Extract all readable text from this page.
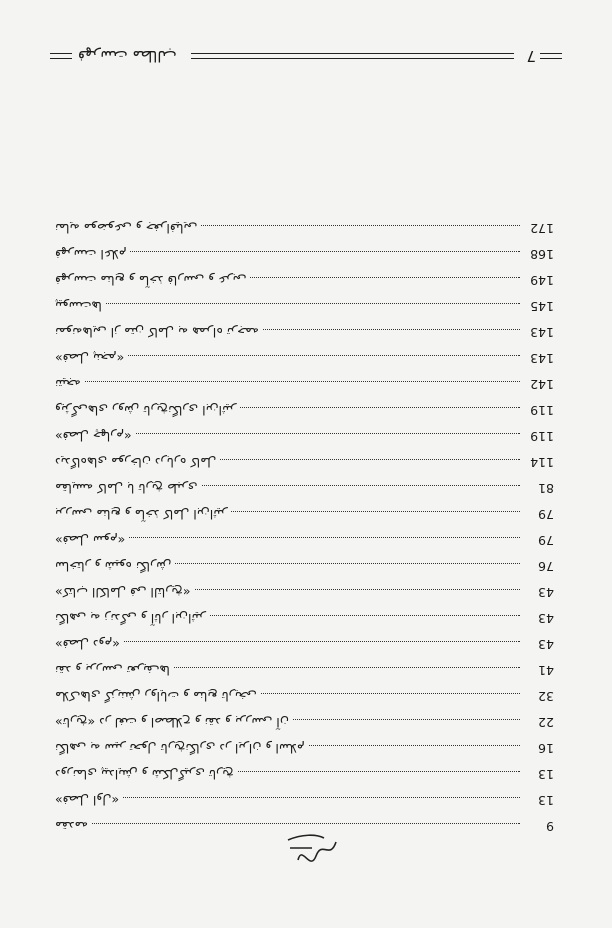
فهرست مطالب	7
مقدمه	9
«فصل اول»	13
دورنمای پیدایش و شکل‌گیری تاریخ	13
نگاهی به سیر تحول تاریخ‌نگاری در ایران و اسلام	16
«تاریخ» در لغت و اصطلاح و نقد و بررسی آن	22
ملاک‌های گزینش روایات و منابع تاریخی	32
نقد و بررسی تعریف‌ها	41
«فصل دوم»	43
نگاهی به زندگی و آثار ابن‌اثیر	43
«کتاب الکامل فی التاریخ»	43
ساختار و شیوه نگارش	76
«فصل سوم»	79
بررسی منابع و مآخذ کامل ابن‌اثیر	79
مقایسه کامل با تاریخ طبری	81
دیدگاه‌های مورخان درباره کامل	114
«فصل چهارم»	119
ویژگی‌های روش تاریخ‌نگاری ابن‌اثیر	119
نتیجه	142
«فصل پنجم»	143
نمونه‌هایی از متن کامل به همراه ترجمه	143
پیوست‌ها	145
فهرست منابع و مآخذ فارسی و عربی	149
فهرست اعلام	168
نمایه موضوعی و جغرافیایی	172
